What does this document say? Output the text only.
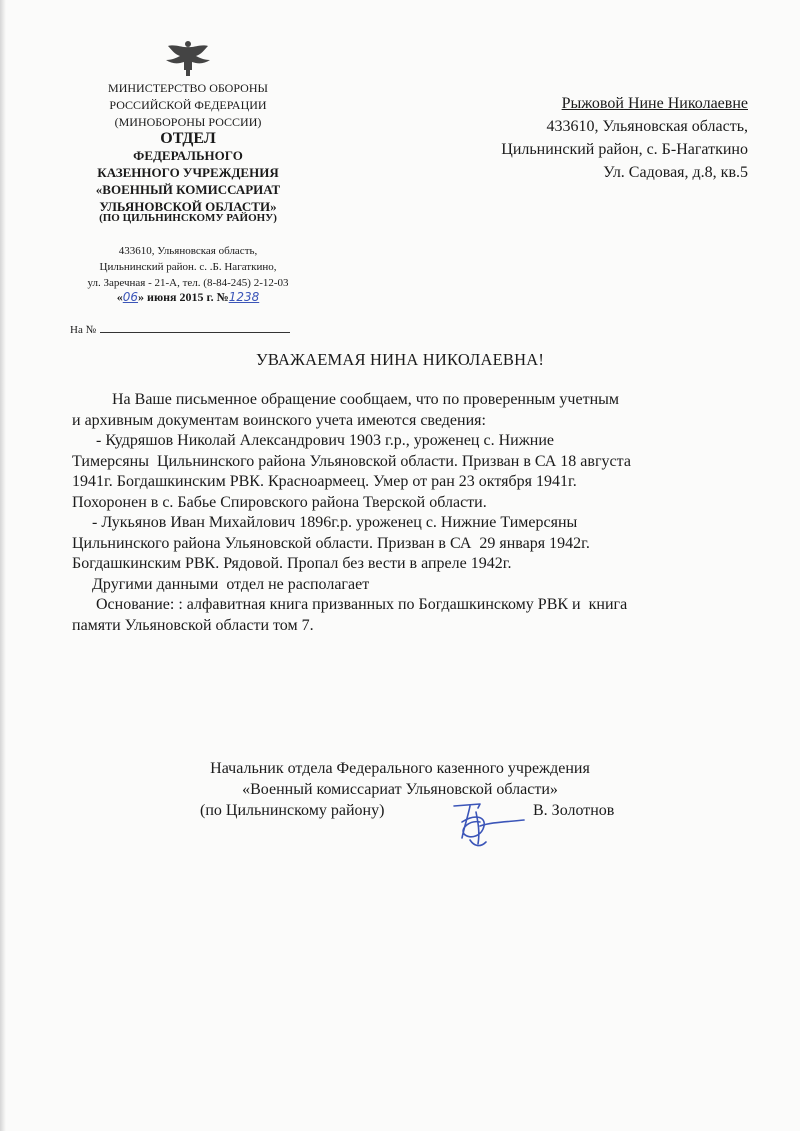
МИНИСТЕРСТВО ОБОРОНЫ
РОССИЙСКОЙ ФЕДЕРАЦИИ
(МИНОБОРОНЫ РОССИИ)
ОТДЕЛ
ФЕДЕРАЛЬНОГО
КАЗЕННОГО УЧРЕЖДЕНИЯ
«ВОЕННЫЙ КОМИССАРИАТ
УЛЬЯНОВСКОЙ ОБЛАСТИ»
(ПО ЦИЛЬНИНСКОМУ РАЙОНУ)
433610, Ульяновская область,
Цильнинский район. с. .Б. Нагаткино,
ул. Заречная - 21-А, тел. (8-84-245) 2-12-03
«06» июня 2015 г. №1238
На №
Рыжовой Нине Николаевне
433610, Ульяновская область,
Цильнинский район, с. Б-Нагаткино
Ул. Садовая, д.8, кв.5
УВАЖАЕМАЯ НИНА НИКОЛАЕВНА!

На Ваше письменное обращение сообщаем, что по проверенным учетным

и архивным документам воинского учета имеются сведения:

- Кудряшов Николай Александрович 1903 г.р., уроженец с. Нижние

Тимерсяны  Цильнинского района Ульяновской области. Призван в СА 18 августа

1941г. Богдашкинским РВК. Красноармеец. Умер от ран 23 октября 1941г.

Похоронен в с. Бабье Спировского района Тверской области.

- Лукьянов Иван Михайлович 1896г.р. уроженец с. Нижние Тимерсяны

Цильнинского района Ульяновской области. Призван в СА  29 января 1942г.

Богдашкинским РВК. Рядовой. Пропал без вести в апреле 1942г.

Другими данными  отдел не располагает

Основание: : алфавитная книга призванных по Богдашкинскому РВК и  книга

памяти Ульяновской области том 7.

Начальник отдела Федерального казенного учреждения
«Военный комиссариат Ульяновской области»
(по Цильнинскому району)	В. Золотнов
